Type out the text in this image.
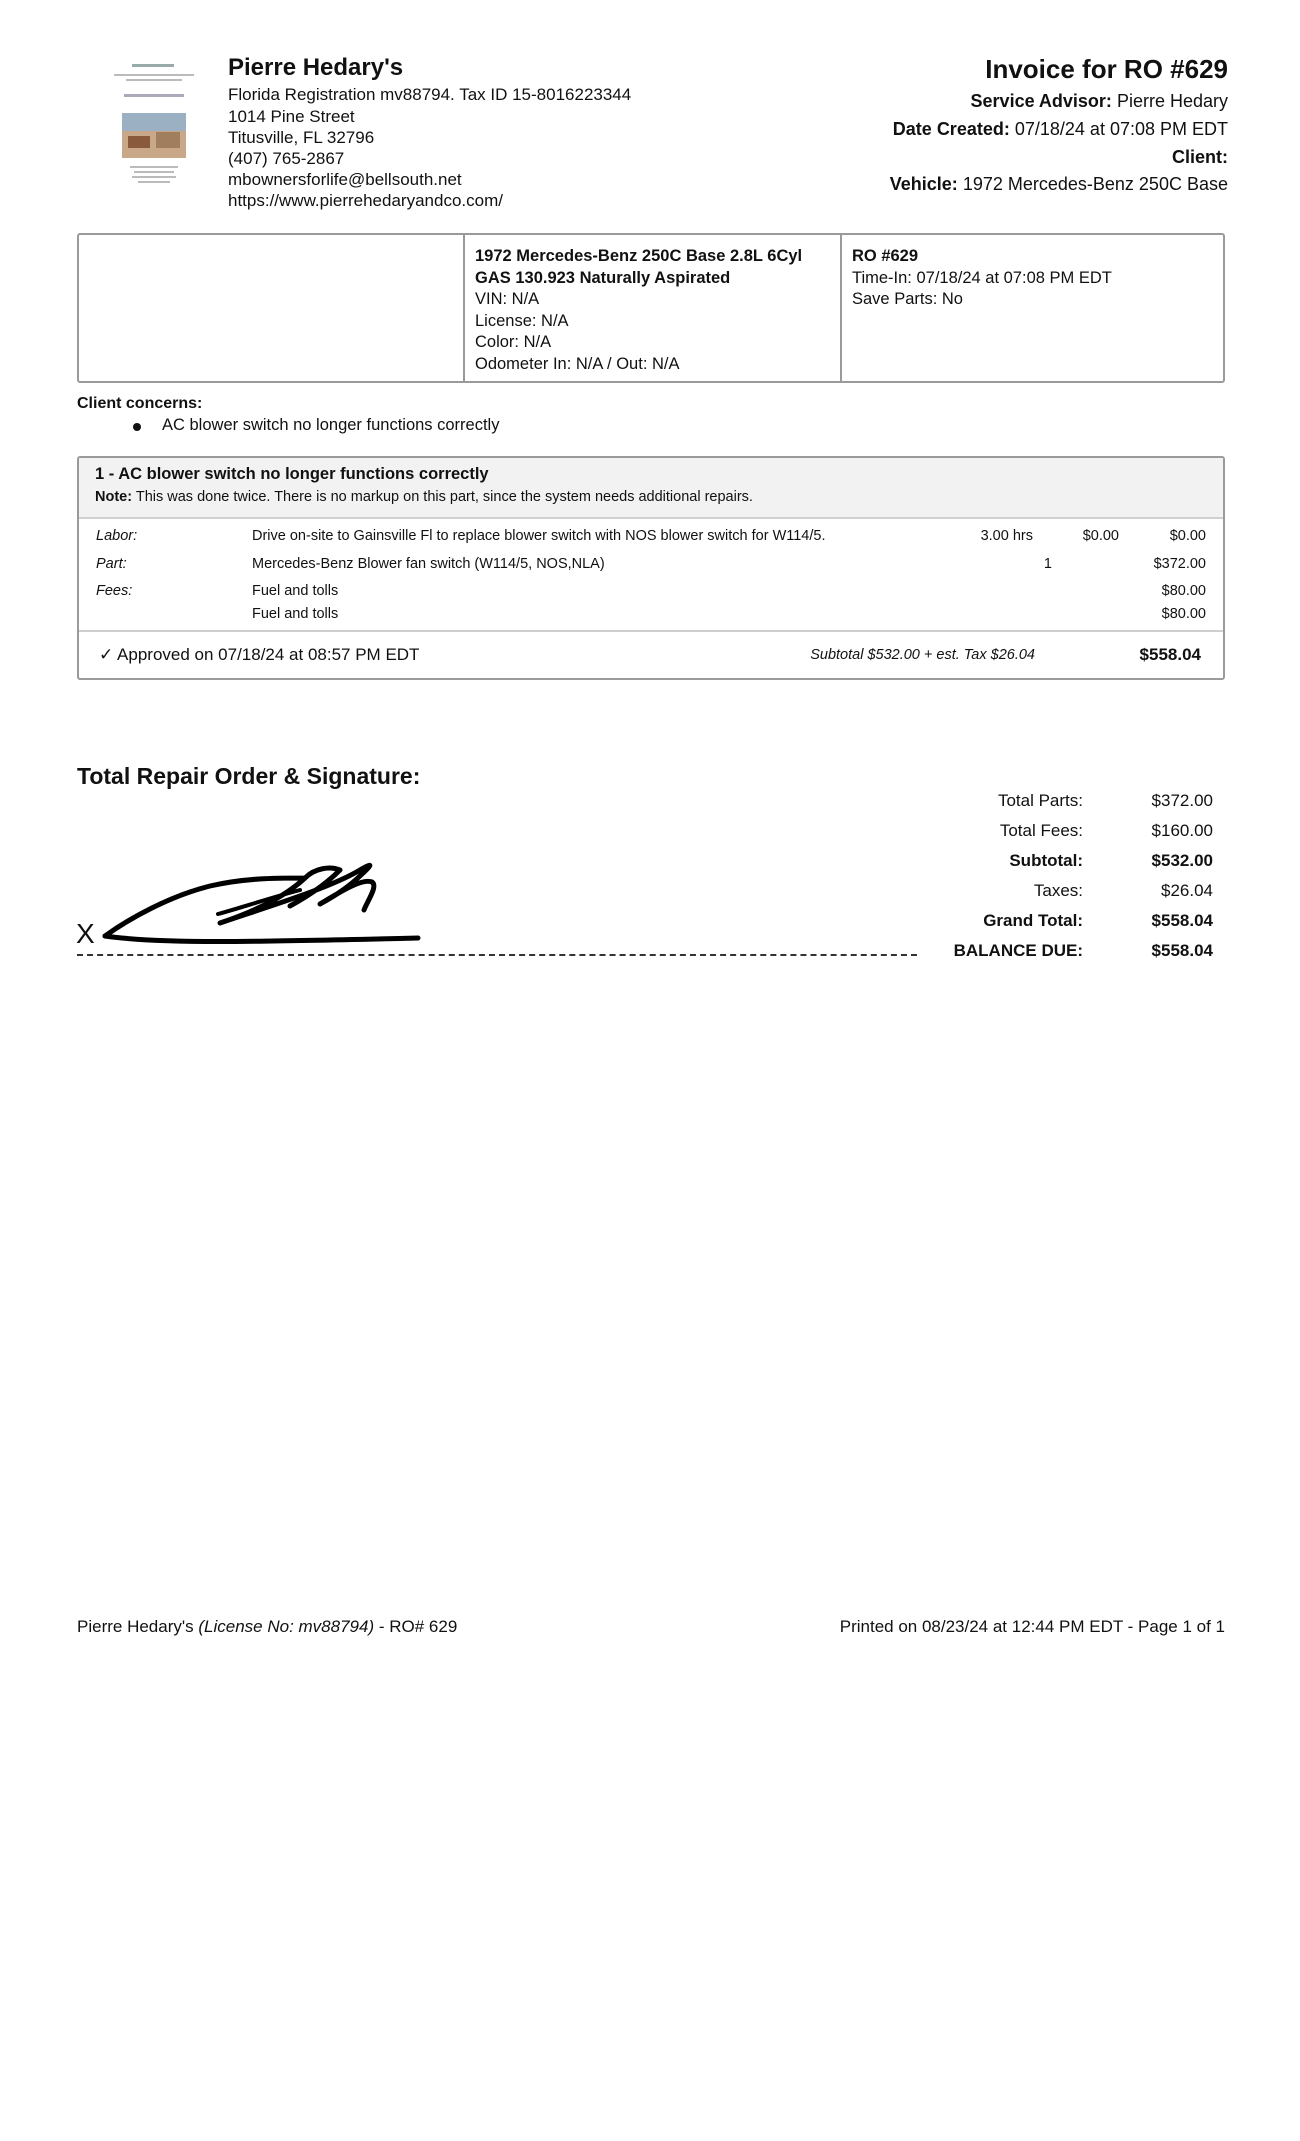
Pierre Hedary's
Florida Registration mv88794. Tax ID 15-8016223344
1014 Pine Street
Titusville, FL 32796
(407) 765-2867
mbownersforlife@bellsouth.net
https://www.pierrehedaryandco.com/
Invoice for RO #629
Service Advisor: Pierre Hedary
Date Created: 07/18/24 at 07:08 PM EDT
Client:
Vehicle: 1972 Mercedes-Benz 250C Base
1972 Mercedes-Benz 250C Base 2.8L 6Cyl
GAS 130.923 Naturally Aspirated
VIN: N/A
License: N/A
Color: N/A
Odometer In: N/A / Out: N/A
RO #629
Time-In: 07/18/24 at 07:08 PM EDT
Save Parts: No
Client concerns:
AC blower switch no longer functions correctly
1 - AC blower switch no longer functions correctly
Note: This was done twice. There is no markup on this part, since the system needs additional repairs.
Labor:	Drive on-site to Gainsville Fl to replace blower switch with NOS blower switch for W114/5.	3.00 hrs	$0.00	$0.00
Part:	Mercedes-Benz Blower fan switch (W114/5, NOS,NLA)	1	$372.00
Fees:	Fuel and tolls	$80.00
Fuel and tolls	$80.00
✓ Approved on 07/18/24 at 08:57 PM EDT	Subtotal $532.00 + est. Tax $26.04	$558.04
Total Repair Order & Signature:
Total Parts:	$372.00
Total Fees:	$160.00
Subtotal:	$532.00
Taxes:	$26.04
Grand Total:	$558.04
BALANCE DUE:	$558.04
X
Pierre Hedary's (License No: mv88794) - RO# 629	Printed on 08/23/24 at 12:44 PM EDT - Page 1 of 1
